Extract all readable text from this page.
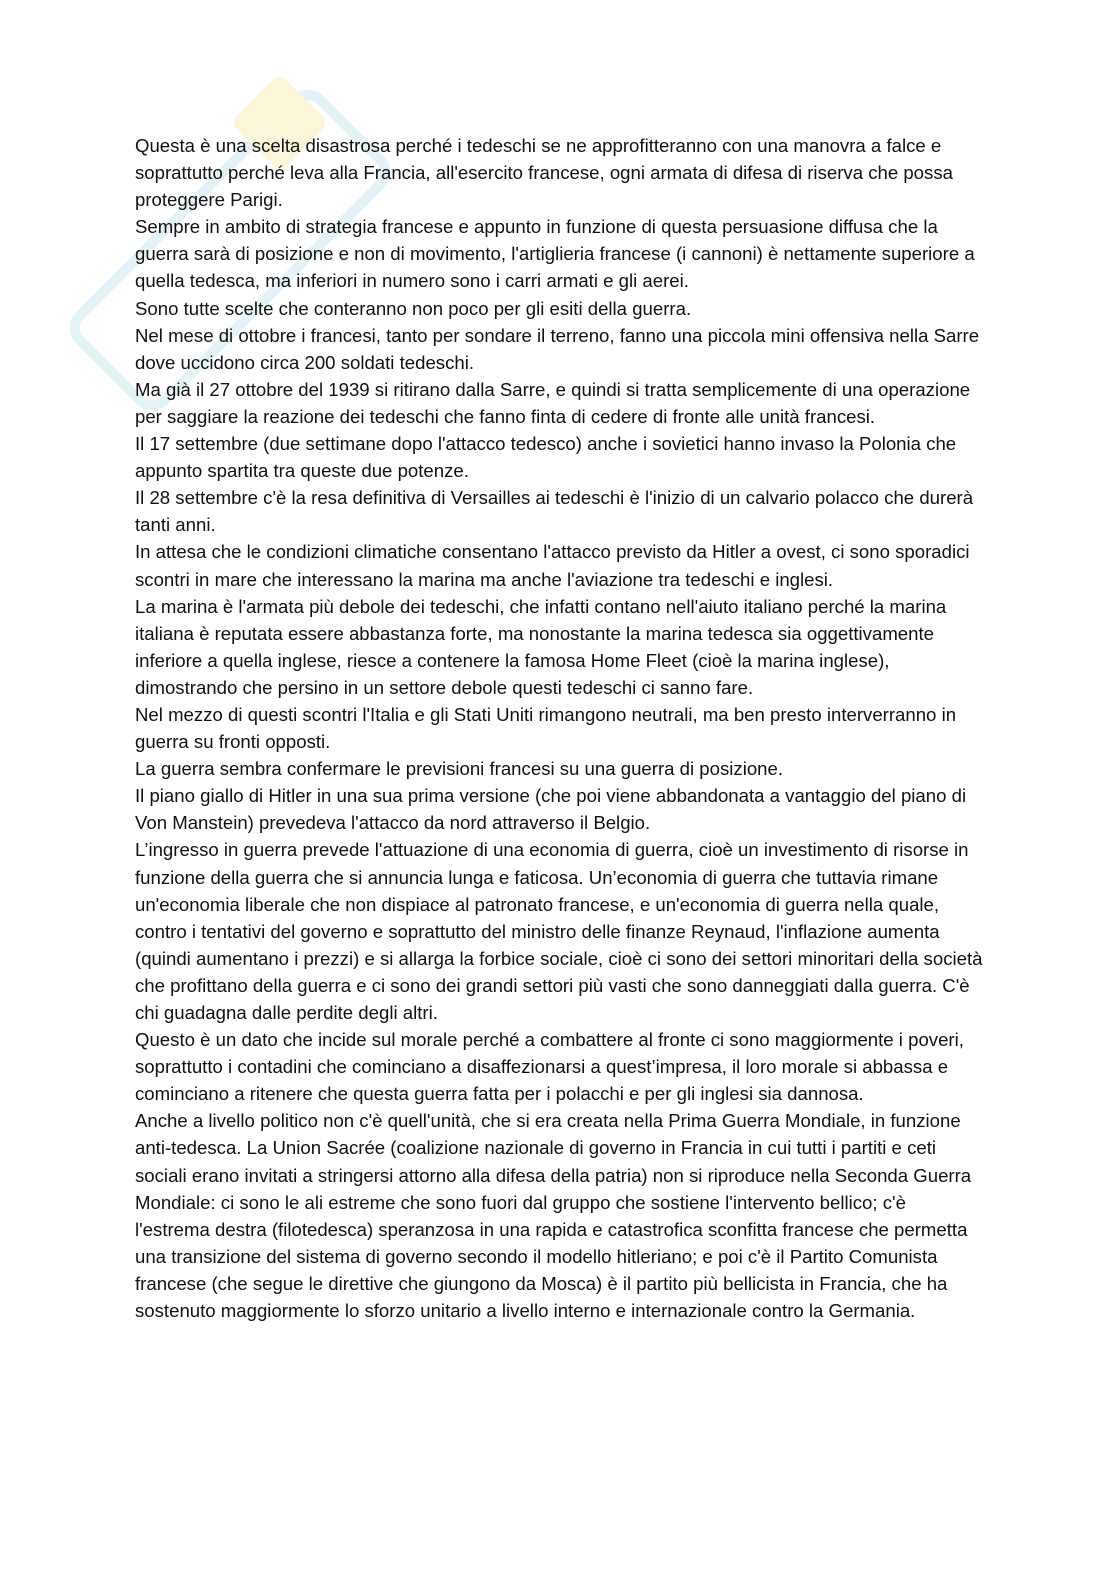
Questa è una scelta disastrosa perché i tedeschi se ne approfitteranno con una manovra a falce e soprattutto perché leva alla Francia, all'esercito francese, ogni armata di difesa di riserva che possa proteggere Parigi.

Sempre in ambito di strategia francese e appunto in funzione di questa persuasione diffusa che la guerra sarà di posizione e non di movimento, l'artiglieria francese (i cannoni) è nettamente superiore a quella tedesca, ma inferiori in numero sono i carri armati e gli aerei.

Sono tutte scelte che conteranno non poco per gli esiti della guerra.

Nel mese di ottobre i francesi, tanto per sondare il terreno, fanno una piccola mini offensiva nella Sarre dove uccidono circa 200 soldati tedeschi.

Ma già il 27 ottobre del 1939 si ritirano dalla Sarre, e quindi si tratta semplicemente di una operazione per saggiare la reazione dei tedeschi che fanno finta di cedere di fronte alle unità francesi.

Il 17 settembre (due settimane dopo l'attacco tedesco) anche i sovietici hanno invaso la Polonia che appunto spartita tra queste due potenze.

Il 28 settembre c'è la resa definitiva di Versailles ai tedeschi è l'inizio di un calvario polacco che durerà tanti anni.

In attesa che le condizioni climatiche consentano l'attacco previsto da Hitler a ovest, ci sono sporadici scontri in mare che interessano la marina ma anche l'aviazione tra tedeschi e inglesi.

La marina è l'armata più debole dei tedeschi, che infatti contano nell'aiuto italiano perché la marina italiana è reputata essere abbastanza forte, ma nonostante la marina tedesca sia oggettivamente inferiore a quella inglese, riesce a contenere la famosa Home Fleet (cioè la marina inglese), dimostrando che persino in un settore debole questi tedeschi ci sanno fare.

Nel mezzo di questi scontri l'Italia e gli Stati Uniti rimangono neutrali, ma ben presto interverranno in guerra su fronti opposti.

La guerra sembra confermare le previsioni francesi su una guerra di posizione.

Il piano giallo di Hitler in una sua prima versione (che poi viene abbandonata a vantaggio del piano di Von Manstein) prevedeva l'attacco da nord attraverso il Belgio.

L’ingresso in guerra prevede l'attuazione di una economia di guerra, cioè un investimento di risorse in funzione della guerra che si annuncia lunga e faticosa. Un’economia di guerra che tuttavia rimane un'economia liberale che non dispiace al patronato francese, e un'economia di guerra nella quale, contro i tentativi del governo e soprattutto del ministro delle finanze Reynaud, l'inflazione aumenta (quindi aumentano i prezzi) e si allarga la forbice sociale, cioè ci sono dei settori minoritari della società che profittano della guerra e ci sono dei grandi settori più vasti che sono danneggiati dalla guerra. C'è chi guadagna dalle perdite degli altri.

Questo è un dato che incide sul morale perché a combattere al fronte ci sono maggiormente i poveri, soprattutto i contadini che cominciano a disaffezionarsi a quest’impresa, il loro morale si abbassa e cominciano a ritenere che questa guerra fatta per i polacchi e per gli inglesi sia dannosa.

Anche a livello politico non c'è quell'unità, che si era creata nella Prima Guerra Mondiale, in funzione anti-tedesca. La Union Sacrée (coalizione nazionale di governo in Francia in cui tutti i partiti e ceti sociali erano invitati a stringersi attorno alla difesa della patria) non si riproduce nella Seconda Guerra Mondiale: ci sono le ali estreme che sono fuori dal gruppo che sostiene l'intervento bellico; c'è l'estrema destra (filotedesca) speranzosa in una rapida e catastrofica sconfitta francese che permetta una transizione del sistema di governo secondo il modello hitleriano; e poi c'è il Partito Comunista francese (che segue le direttive che giungono da Mosca) è il partito più bellicista in Francia, che ha sostenuto maggiormente lo sforzo unitario a livello interno e internazionale contro la Germania.
